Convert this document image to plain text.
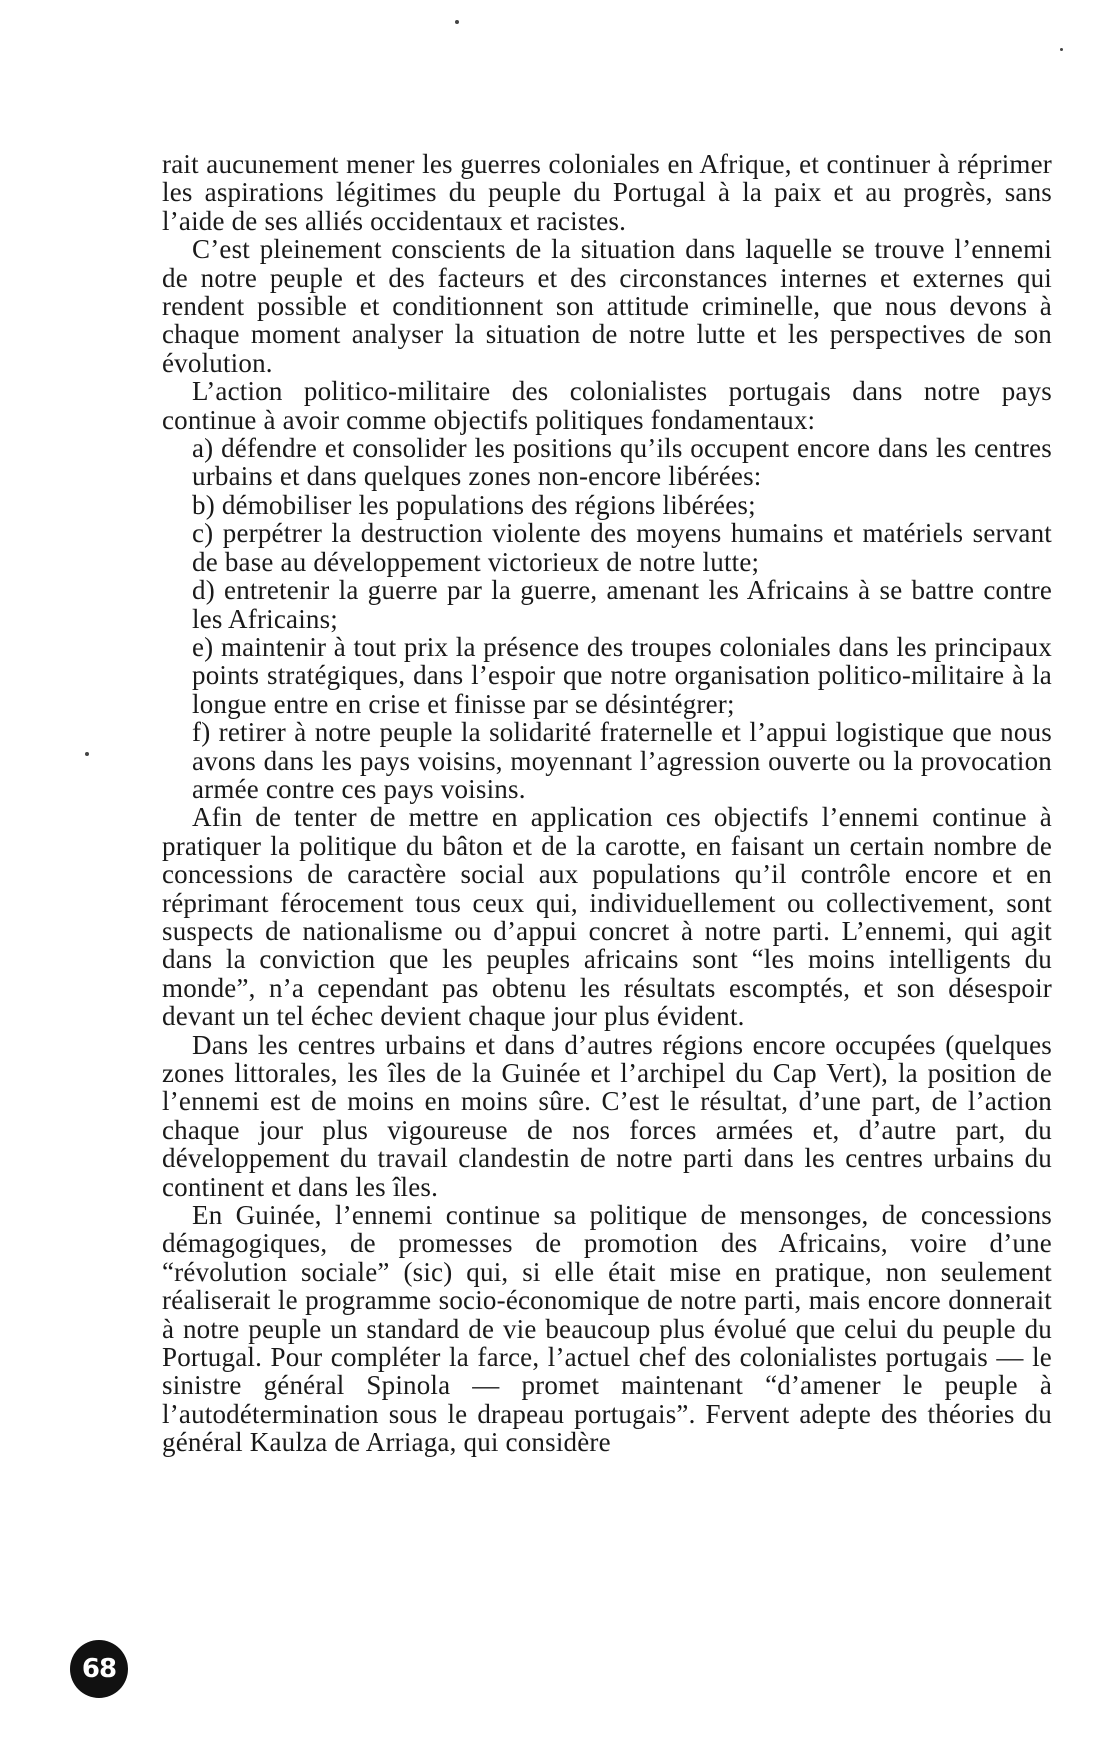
rait aucunement mener les guerres coloniales en Afrique, et continuer à réprimer les aspirations légitimes du peuple du Portugal à la paix et au progrès, sans l’aide de ses alliés occidentaux et racistes.

C’est pleinement conscients de la situation dans laquelle se trouve l’ennemi de notre peuple et des facteurs et des circonstances internes et externes qui rendent possible et conditionnent son attitude criminelle, que nous devons à chaque moment analyser la situation de notre lutte et les perspectives de son évolution.

L’action politico-militaire des colonialistes portugais dans notre pays continue à avoir comme objectifs politiques fondamentaux:

a) défendre et consolider les positions qu’ils occupent encore dans les centres urbains et dans quelques zones non-encore libérées:

b) démobiliser les populations des régions libérées;

c) perpétrer la destruction violente des moyens humains et matériels servant de base au développement victorieux de notre lutte;

d) entretenir la guerre par la guerre, amenant les Africains à se battre contre les Africains;

e) maintenir à tout prix la présence des troupes coloniales dans les principaux points stratégiques, dans l’espoir que notre organisation politico-militaire à la longue entre en crise et finisse par se désintégrer;

f) retirer à notre peuple la solidarité fraternelle et l’appui logistique que nous avons dans les pays voisins, moyennant l’agression ouverte ou la provocation armée contre ces pays voisins.

Afin de tenter de mettre en application ces objectifs l’ennemi continue à pratiquer la politique du bâton et de la carotte, en faisant un certain nombre de concessions de caractère social aux populations qu’il contrôle encore et en réprimant férocement tous ceux qui, individuellement ou collectivement, sont suspects de nationalisme ou d’appui concret à notre parti. L’ennemi, qui agit dans la conviction que les peuples africains sont “les moins intelligents du monde”, n’a cependant pas obtenu les résultats escomptés, et son désespoir devant un tel échec devient chaque jour plus évident.

Dans les centres urbains et dans d’autres régions encore occupées (quelques zones littorales, les îles de la Guinée et l’archipel du Cap Vert), la position de l’ennemi est de moins en moins sûre. C’est le résultat, d’une part, de l’action chaque jour plus vigoureuse de nos forces armées et, d’autre part, du développement du travail clandestin de notre parti dans les centres urbains du continent et dans les îles.

En Guinée, l’ennemi continue sa politique de mensonges, de concessions démagogiques, de promesses de promotion des Africains, voire d’une “révolution sociale” (sic) qui, si elle était mise en pratique, non seulement réaliserait le programme socio-économique de notre parti, mais encore donnerait à notre peuple un standard de vie beaucoup plus évolué que celui du peuple du Portugal. Pour compléter la farce, l’actuel chef des colonialistes portugais — le sinistre général Spinola — promet maintenant “d’amener le peuple à l’autodétermination sous le drapeau portugais”. Fervent adepte des théories du général Kaulza de Arriaga, qui considère

68
